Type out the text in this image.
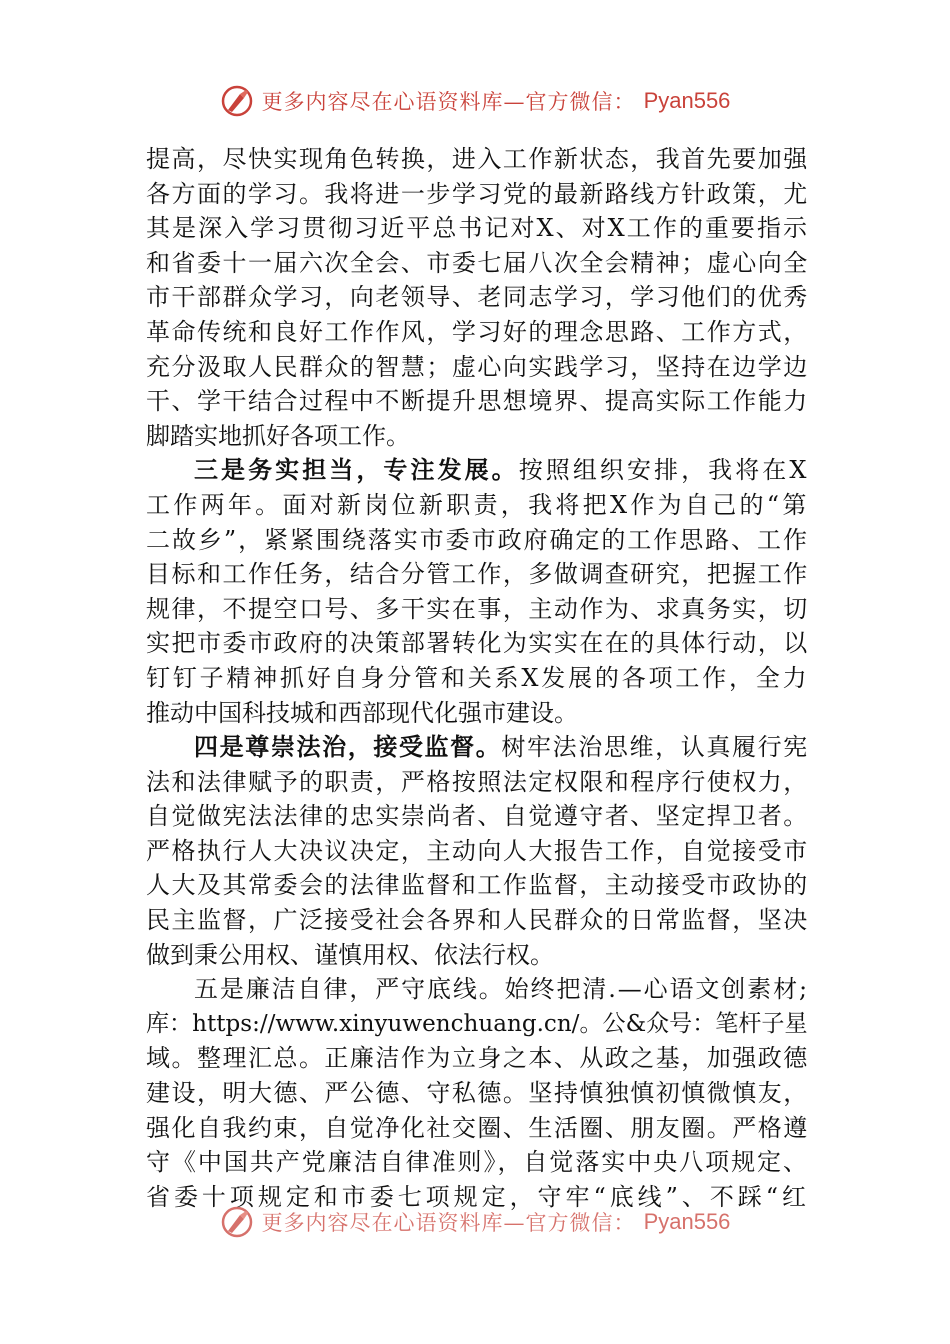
更多内容尽在心语资料库—官方微信： Pyan556
提高，尽快实现角色转换，进入工作新状态，我首先要加强
各方面的学习。我将进一步学习党的最新路线方针政策，尤
其是深入学习贯彻习近平总书记对X、对X工作的重要指示
和省委十一届六次全会、市委七届八次全会精神；虚心向全
市干部群众学习，向老领导、老同志学习，学习他们的优秀
革命传统和良好工作作风，学习好的理念思路、工作方式，
充分汲取人民群众的智慧；虚心向实践学习，坚持在边学边
干、学干结合过程中不断提升思想境界、提高实际工作能力
脚踏实地抓好各项工作。
三是务实担当，专注发展。 按照组织安排，我将在X
工作两年。面对新岗位新职责，我将把X作为自己的“第
二故乡”，紧紧围绕落实市委市政府确定的工作思路、工作
目标和工作任务，结合分管工作，多做调查研究，把握工作
规律，不提空口号、多干实在事，主动作为、求真务实，切
实把市委市政府的决策部署转化为实实在在的具体行动，以
钉钉子精神抓好自身分管和关系X发展的各项工作，全力
推动中国科技城和西部现代化强市建设。
四是尊崇法治，接受监督。 树牢法治思维，认真履行宪
法和法律赋予的职责，严格按照法定权限和程序行使权力，
自觉做宪法法律的忠实崇尚者、自觉遵守者、坚定捍卫者。
严格执行人大决议决定，主动向人大报告工作，自觉接受市
人大及其常委会的法律监督和工作监督，主动接受市政协的
民主监督，广泛接受社会各界和人民群众的日常监督，坚决
做到秉公用权、谨慎用权、依法行权。
五是廉洁自律，严守底线。始终把清.—心语文创素材;
库：https://www.xinyuwenchuang.cn/。公&众号：笔杆子星
域。整理汇总。正廉洁作为立身之本、从政之基，加强政德
建设，明大德、严公德、守私德。坚持慎独慎初慎微慎友，
强化自我约束，自觉净化社交圈、生活圈、朋友圈。严格遵
守《中国共产党廉洁自律准则》，自觉落实中央八项规定、
省委十项规定和市委七项规定，守牢“底线”、不踩“红
更多内容尽在心语资料库—官方微信： Pyan556
